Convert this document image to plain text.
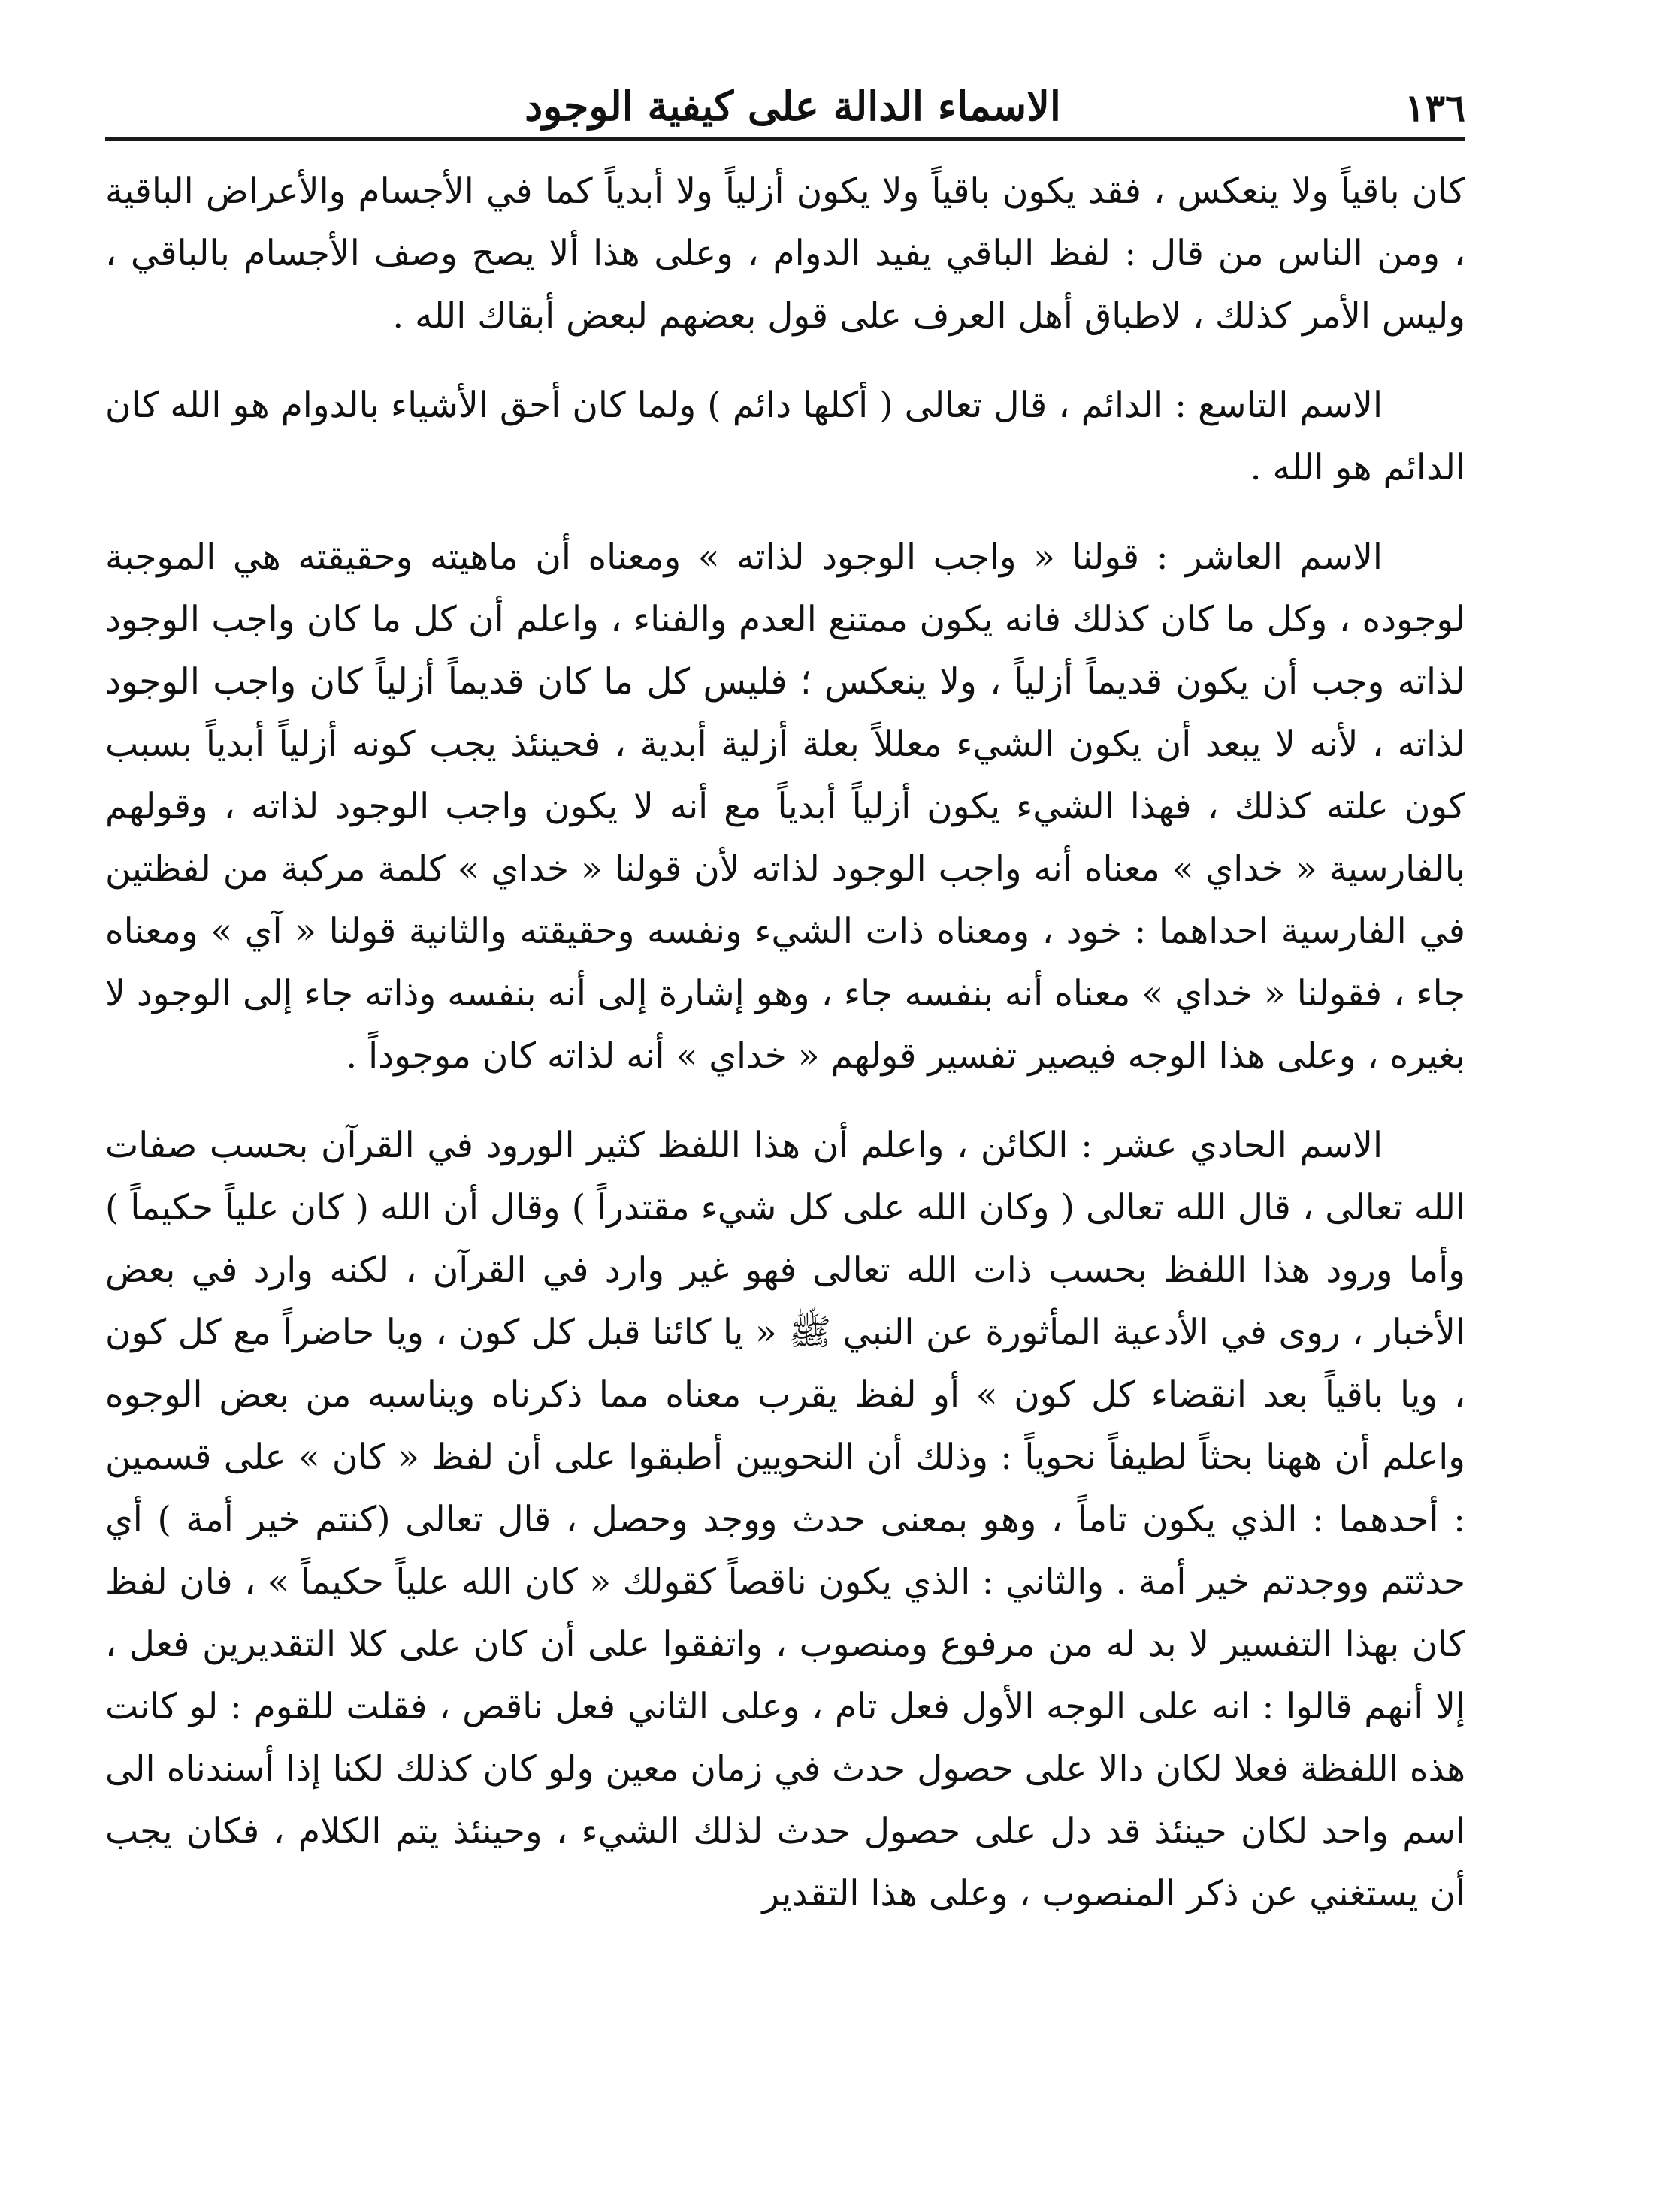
١٣٦
الاسماء الدالة على كيفية الوجود

كان باقياً ولا ينعكس ، فقد يكون باقياً ولا يكون أزلياً ولا أبدياً كما في الأجسام والأعراض الباقية ، ومن الناس من قال : لفظ الباقي يفيد الدوام ، وعلى هذا ألا يصح وصف الأجسام بالباقي ، وليس الأمر كذلك ، لاطباق أهل العرف على قول بعضهم لبعض أبقاك الله .

الاسم التاسع : الدائم ، قال تعالى ( أكلها دائم ) ولما كان أحق الأشياء بالدوام هو الله كان الدائم هو الله .

الاسم العاشر : قولنا « واجب الوجود لذاته » ومعناه أن ماهيته وحقيقته هي الموجبة لوجوده ، وكل ما كان كذلك فانه يكون ممتنع العدم والفناء ، واعلم أن كل ما كان واجب الوجود لذاته وجب أن يكون قديماً أزلياً ، ولا ينعكس ؛ فليس كل ما كان قديماً أزلياً كان واجب الوجود لذاته ، لأنه لا يبعد أن يكون الشيء معللاً بعلة أزلية أبدية ، فحينئذ يجب كونه أزلياً أبدياً بسبب كون علته كذلك ، فهذا الشيء يكون أزلياً أبدياً مع أنه لا يكون واجب الوجود لذاته ، وقولهم بالفارسية « خداي » معناه أنه واجب الوجود لذاته لأن قولنا « خداي » كلمة مركبة من لفظتين في الفارسية احداهما : خود ، ومعناه ذات الشيء ونفسه وحقيقته والثانية قولنا « آي » ومعناه جاء ، فقولنا « خداي » معناه أنه بنفسه جاء ، وهو إشارة إلى أنه بنفسه وذاته جاء إلى الوجود لا بغيره ، وعلى هذا الوجه فيصير تفسير قولهم « خداي » أنه لذاته كان موجوداً .

الاسم الحادي عشر : الكائن ، واعلم أن هذا اللفظ كثير الورود في القرآن بحسب صفات الله تعالى ، قال الله تعالى ( وكان الله على كل شيء مقتدراً ) وقال أن الله ( كان علياً حكيماً ) وأما ورود هذا اللفظ بحسب ذات الله تعالى فهو غير وارد في القرآن ، لكنه وارد في بعض الأخبار ، روى في الأدعية المأثورة عن النبي ﷺ « يا كائنا قبل كل كون ، ويا حاضراً مع كل كون ، ويا باقياً بعد انقضاء كل كون » أو لفظ يقرب معناه مما ذكرناه ويناسبه من بعض الوجوه واعلم أن ههنا بحثاً لطيفاً نحوياً : وذلك أن النحويين أطبقوا على أن لفظ « كان » على قسمين : أحدهما : الذي يكون تاماً ، وهو بمعنى حدث ووجد وحصل ، قال تعالى (كنتم خير أمة ) أي حدثتم ووجدتم خير أمة . والثاني : الذي يكون ناقصاً كقولك « كان الله علياً حكيماً » ، فان لفظ كان بهذا التفسير لا بد له من مرفوع ومنصوب ، واتفقوا على أن كان على كلا التقديرين فعل ، إلا أنهم قالوا : انه على الوجه الأول فعل تام ، وعلى الثاني فعل ناقص ، فقلت للقوم : لو كانت هذه اللفظة فعلا لكان دالا على حصول حدث في زمان معين ولو كان كذلك لكنا إذا أسندناه الى اسم واحد لكان حينئذ قد دل على حصول حدث لذلك الشيء ، وحينئذ يتم الكلام ، فكان يجب أن يستغني عن ذكر المنصوب ، وعلى هذا التقدير
